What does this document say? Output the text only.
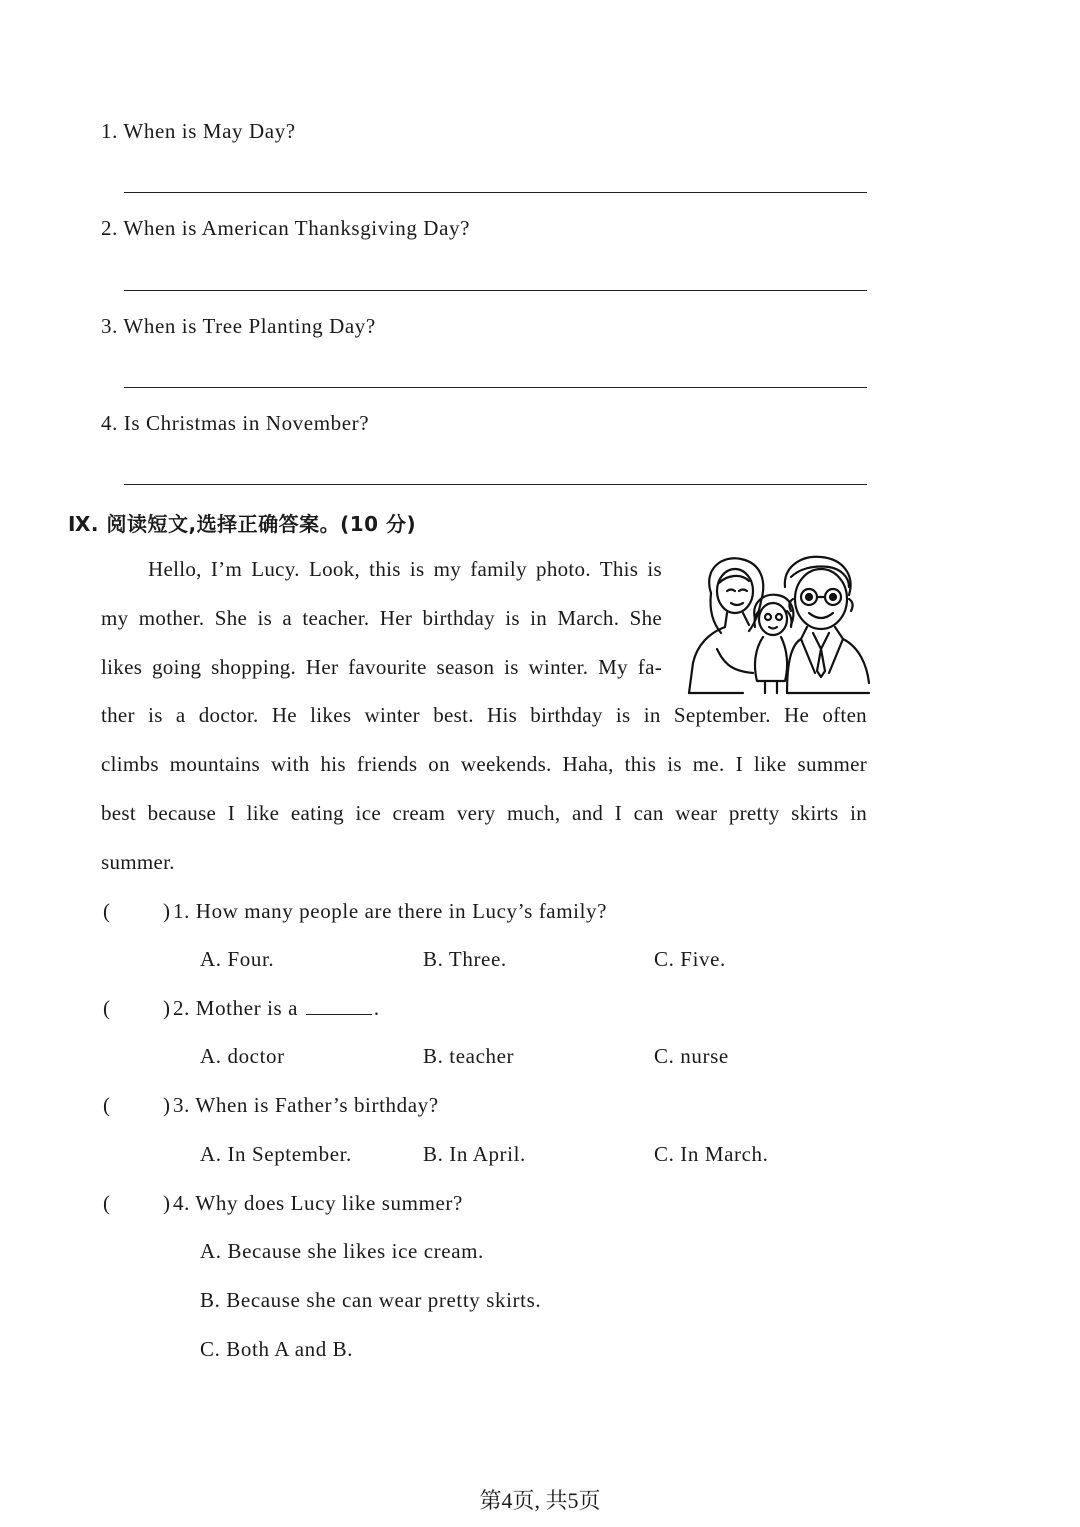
1. When is May Day?
2. When is American Thanksgiving Day?
3. When is Tree Planting Day?
4. Is Christmas in November?
Ⅸ. 阅读短文,选择正确答案。(10 分)
Hello, I’m Lucy. Look, this is my family photo. This is
my mother. She is a teacher. Her birthday is in March. She
likes going shopping. Her favourite season is winter. My fa-
ther is a doctor. He likes winter best. His birthday is in September. He often
climbs mountains with his friends on weekends. Haha, this is me. I like summer
best because I like eating ice cream very much, and I can wear pretty skirts in
summer.
(	) 1. How many people are there in Lucy’s family?
A. Four.	B. Three.	C. Five.
(	) 2. Mother is a	.
A. doctor	B. teacher	C. nurse
(	) 3. When is Father’s birthday?
A. In September.	B. In April.	C. In March.
(	) 4. Why does Lucy like summer?
A. Because she likes ice cream.
B. Because she can wear pretty skirts.
C. Both A and B.
第4页, 共5页
